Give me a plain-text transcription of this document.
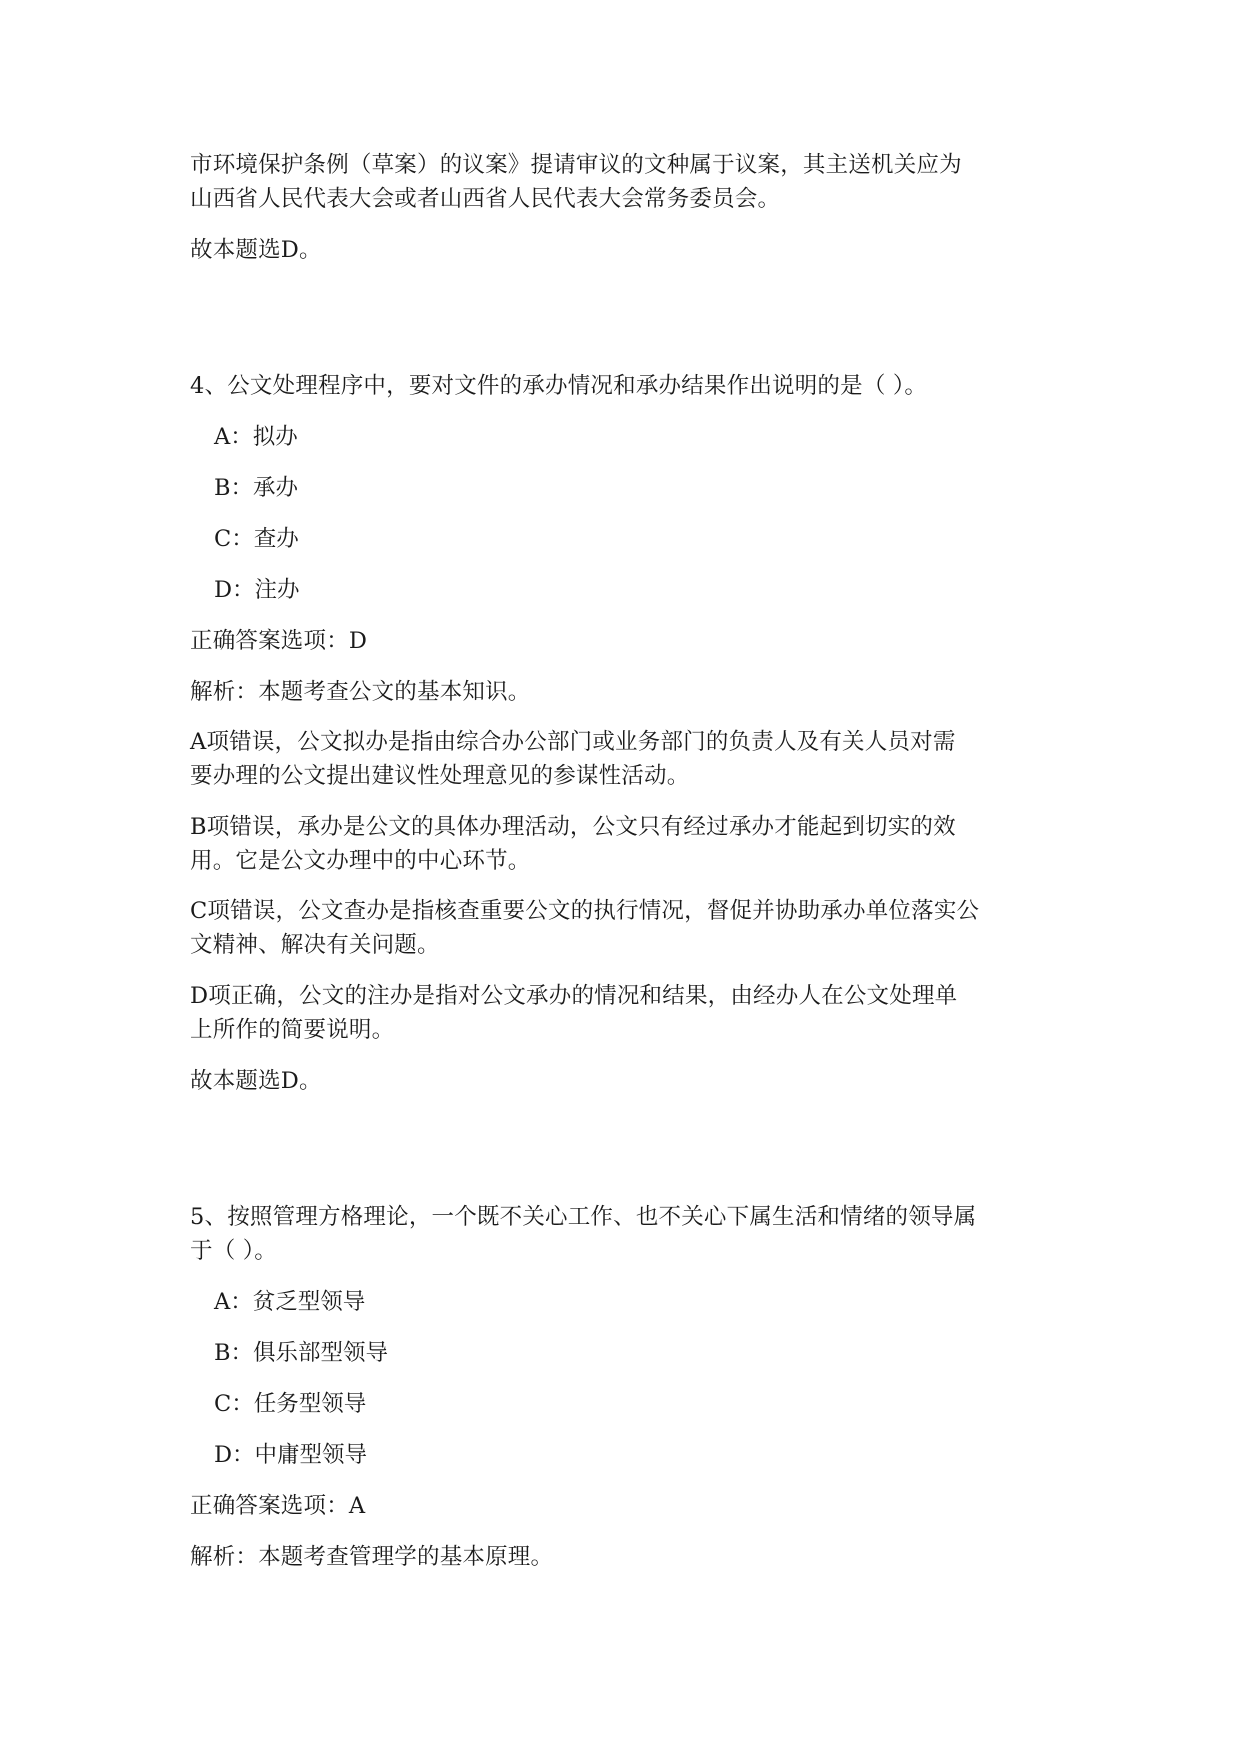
市环境保护条例（草案）的议案》提请审议的文种属于议案，其主送机关应为
山西省人民代表大会或者山西省人民代表大会常务委员会。
故本题选D。
4、公文处理程序中，要对文件的承办情况和承办结果作出说明的是（ ）。
A：拟办
B：承办
C：查办
D：注办
正确答案选项：D
解析：本题考查公文的基本知识。
A项错误，公文拟办是指由综合办公部门或业务部门的负责人及有关人员对需
要办理的公文提出建议性处理意见的参谋性活动。
B项错误，承办是公文的具体办理活动，公文只有经过承办才能起到切实的效
用。它是公文办理中的中心环节。
C项错误，公文查办是指核查重要公文的执行情况，督促并协助承办单位落实公
文精神、解决有关问题。
D项正确，公文的注办是指对公文承办的情况和结果，由经办人在公文处理单
上所作的简要说明。
故本题选D。
5、按照管理方格理论，一个既不关心工作、也不关心下属生活和情绪的领导属
于（ ）。
A：贫乏型领导
B：俱乐部型领导
C：任务型领导
D：中庸型领导
正确答案选项：A
解析：本题考查管理学的基本原理。
